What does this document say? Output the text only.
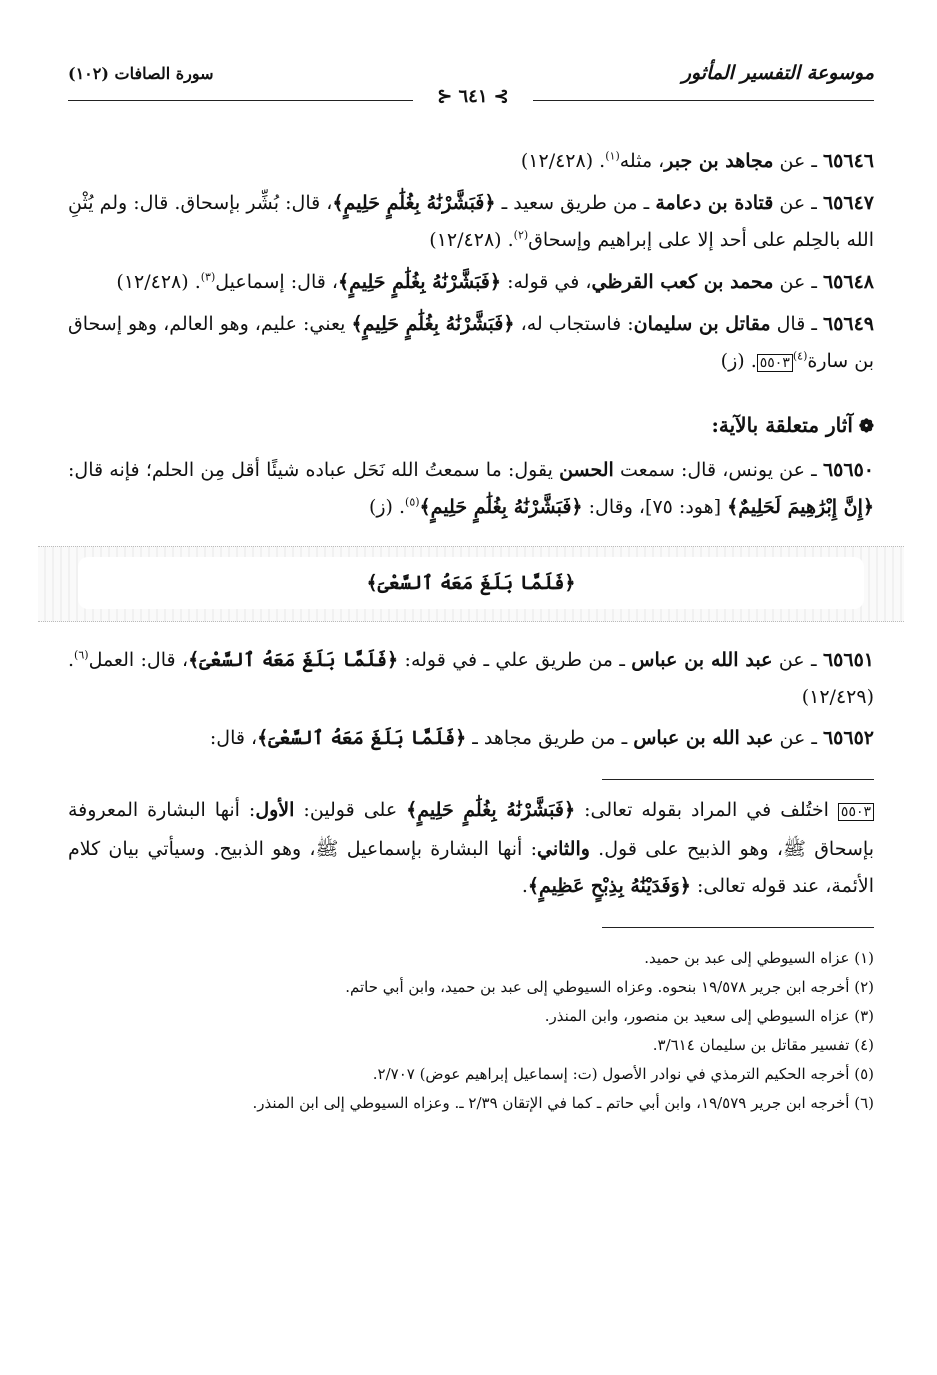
موسوعة التفسير المأثور
سورة الصافات (١٠٢)
⊱ ٦٤١ ⊰

٦٥٦٤٦ ـ عن مجاهد بن جبر، مثله$^{(١)}$. (١٢/٤٢٨)

٦٥٦٤٧ ـ عن قتادة بن دعامة ـ من طريق سعيد ـ ﴿فَبَشَّرْنَٰهُ بِغُلَٰمٍ حَلِيمٍ﴾، قال: بُشِّر بإسحاق. قال: ولم يُثْنِ الله بالحِلم على أحد إلا على إبراهيم وإسحاق$^{(٢)}$. (١٢/٤٢٨)

٦٥٦٤٨ ـ عن محمد بن كعب القرظي، في قوله: ﴿فَبَشَّرْنَٰهُ بِغُلَٰمٍ حَلِيمٍ﴾، قال: إسماعيل$^{(٣)}$. (١٢/٤٢٨)

٦٥٦٤٩ ـ قال مقاتل بن سليمان: فاستجاب له، ﴿فَبَشَّرْنَٰهُ بِغُلَٰمٍ حَلِيمٍ﴾ يعني: عليم، وهو العالم، وهو إسحاق بن سارة$^{(٤)}$٥٥٠٣. (ز)

❁آثار متعلقة بالآية:

٦٥٦٥٠ ـ عن يونس، قال: سمعت الحسن يقول: ما سمعتُ الله نَحَل عباده شيئًا أقل مِن الحلم؛ فإنه قال: ﴿إِنَّ إِبْرَٰهِيمَ لَحَلِيمٌ﴾ [هود: ٧٥]، وقال: ﴿فَبَشَّرْنَٰهُ بِغُلَٰمٍ حَلِيمٍ﴾$^{(٥)}$. (ز)

﴿فَلَمَّا بَلَغَ مَعَهُ ٱلسَّعْىَ﴾

٦٥٦٥١ ـ عن عبد الله بن عباس ـ من طريق علي ـ في قوله: ﴿فَلَمَّا بَلَغَ مَعَهُ ٱلسَّعْىَ﴾، قال: العمل$^{(٦)}$. (١٢/٤٢٩)

٦٥٦٥٢ ـ عن عبد الله بن عباس ـ من طريق مجاهد ـ ﴿فَلَمَّا بَلَغَ مَعَهُ ٱلسَّعْىَ﴾، قال:

٥٥٠٣ اختُلف في المراد بقوله تعالى: ﴿فَبَشَّرْنَٰهُ بِغُلَٰمٍ حَلِيمٍ﴾ على قولين: الأول: أنها البشارة المعروفة بإسحاق ﷺ، وهو الذبيح على قول. والثاني: أنها البشارة بإسماعيل ﷺ، وهو الذبيح. وسيأتي بيان كلام الأئمة، عند قوله تعالى: ﴿وَفَدَيْنَٰهُ بِذِبْحٍ عَظِيمٍ﴾.

(١) عزاه السيوطي إلى عبد بن حميد.
(٢) أخرجه ابن جرير ١٩/٥٧٨ بنحوه. وعزاه السيوطي إلى عبد بن حميد، وابن أبي حاتم.
(٣) عزاه السيوطي إلى سعيد بن منصور، وابن المنذر.
(٤) تفسير مقاتل بن سليمان ٣/٦١٤.
(٥) أخرجه الحكيم الترمذي في نوادر الأصول (ت: إسماعيل إبراهيم عوض) ٢/٧٠٧.
(٦) أخرجه ابن جرير ١٩/٥٧٩، وابن أبي حاتم ـ كما في الإتقان ٢/٣٩ ـ. وعزاه السيوطي إلى ابن المنذر.
